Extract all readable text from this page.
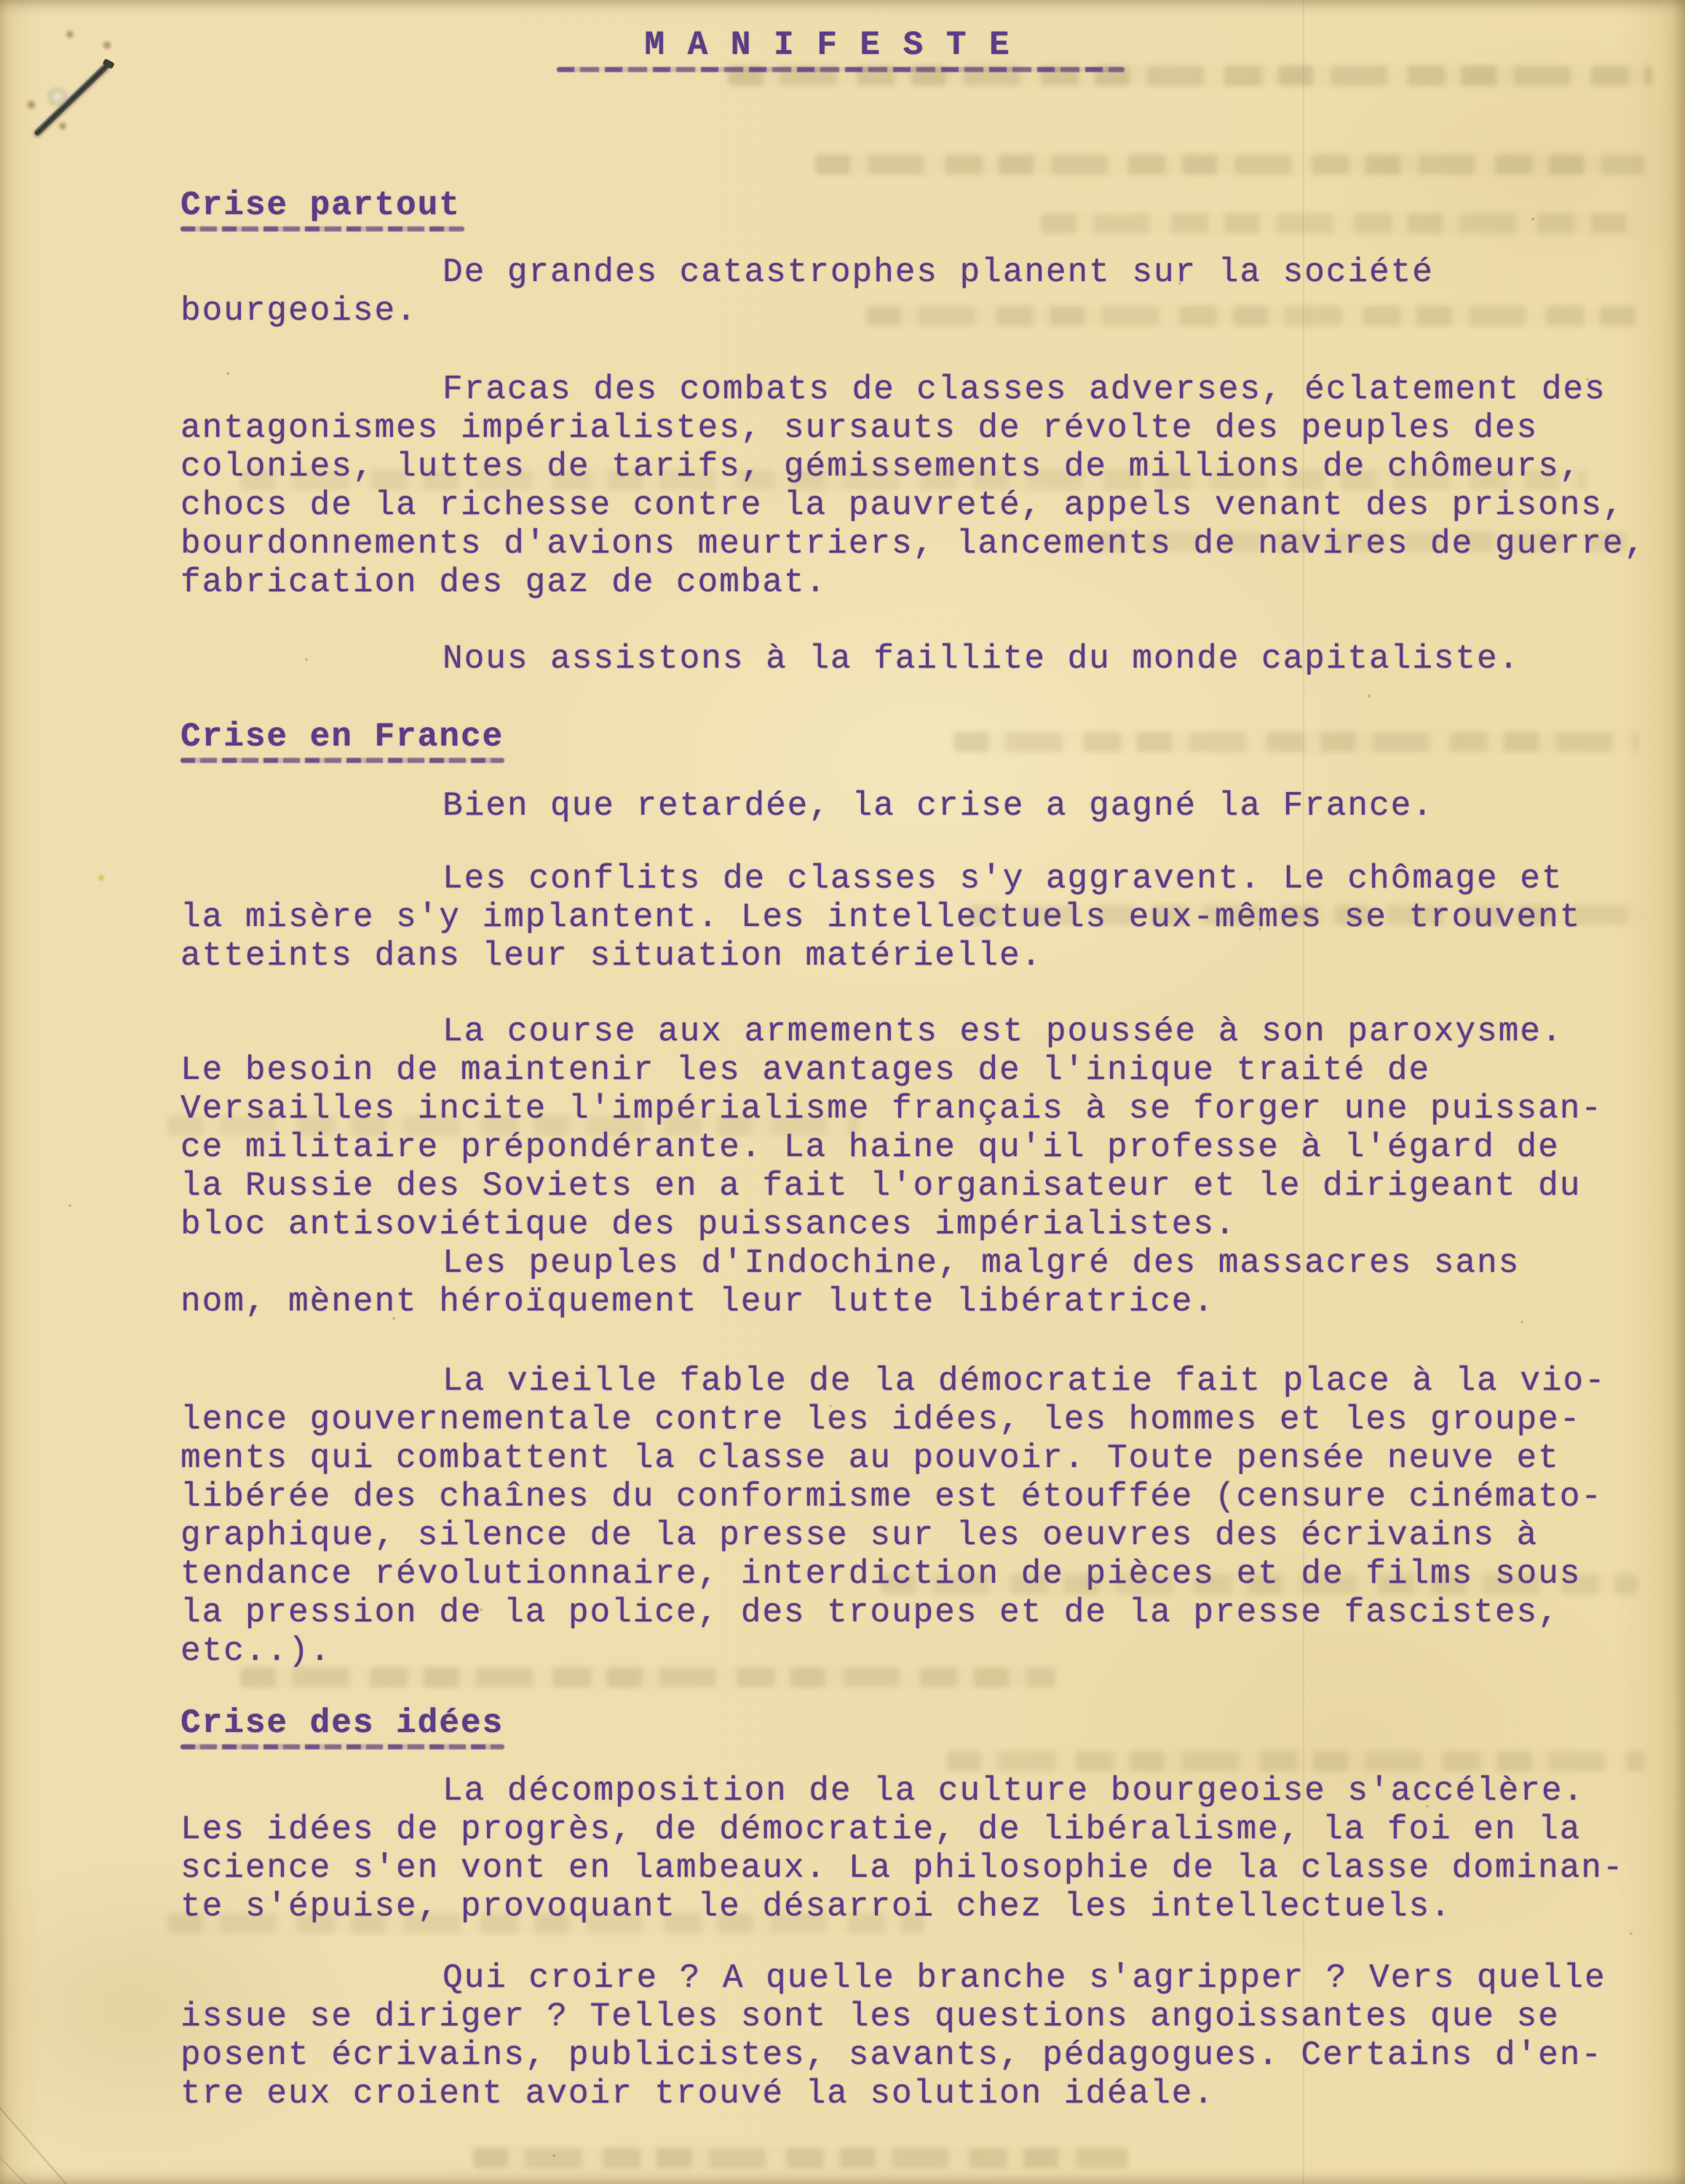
M A N I F E S T E
Crise partout
De grandes catastrophes planent sur la société
bourgeoise.
Fracas des combats de classes adverses, éclatement des
antagonismes impérialistes, sursauts de révolte des peuples des
colonies, luttes de tarifs, gémissements de millions de chômeurs,
chocs de la richesse contre la pauvreté, appels venant des prisons,
bourdonnements d'avions meurtriers, lancements de navires de guerre,
fabrication des gaz de combat.
Nous assistons à la faillite du monde capitaliste.
Crise en France
Bien que retardée, la crise a gagné la France.
Les conflits de classes s'y aggravent. Le chômage et
la misère s'y implantent. Les intellectuels eux-mêmes se trouvent
atteints dans leur situation matérielle.
La course aux armements est poussée à son paroxysme.
Le besoin de maintenir les avantages de l'inique traité de
Versailles incite l'impérialisme français à se forger une puissan-
ce militaire prépondérante. La haine qu'il professe à l'égard de
la Russie des Soviets en a fait l'organisateur et le dirigeant du
bloc antisoviétique des puissances impérialistes.
Les peuples d'Indochine, malgré des massacres sans
nom, mènent héroïquement leur lutte libératrice.
La vieille fable de la démocratie fait place à la vio-
lence gouvernementale contre les idées, les hommes et les groupe-
ments qui combattent la classe au pouvoir. Toute pensée neuve et
libérée des chaînes du conformisme est étouffée (censure cinémato-
graphique, silence de la presse sur les oeuvres des écrivains à
tendance révolutionnaire, interdiction de pièces et de films sous
la pression de la police, des troupes et de la presse fascistes,
etc..).
Crise des idées
La décomposition de la culture bourgeoise s'accélère.
Les idées de progrès, de démocratie, de libéralisme, la foi en la
science s'en vont en lambeaux. La philosophie de la classe dominan-
te s'épuise, provoquant le désarroi chez les intellectuels.
Qui croire ? A quelle branche s'agripper ? Vers quelle
issue se diriger ? Telles sont les questions angoissantes que se
posent écrivains, publicistes, savants, pédagogues. Certains d'en-
tre eux croient avoir trouvé la solution idéale.
